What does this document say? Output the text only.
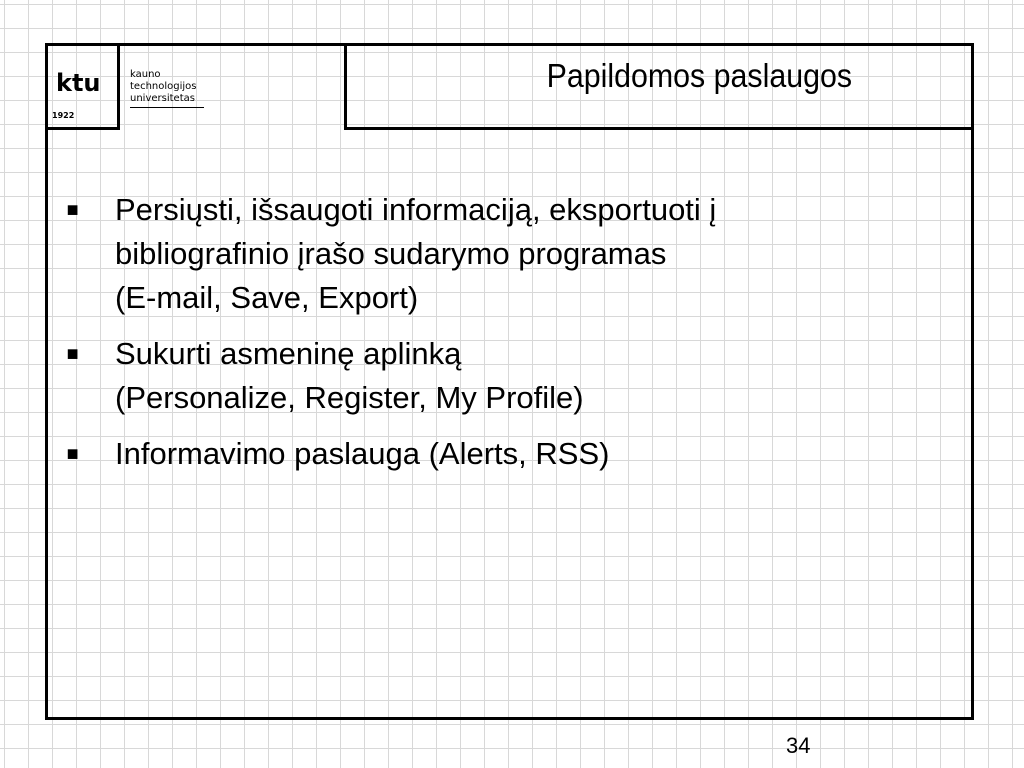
ktu
1922
kauno
technologijos
universitetas
Papildomos paslaugos
■ Persiųsti, išsaugoti informaciją, eksportuoti į
bibliografinio įrašo sudarymo programas
(E-mail, Save, Export)
■ Sukurti asmeninę aplinką
(Personalize, Register, My Profile)
■ Informavimo paslauga (Alerts, RSS)
34
